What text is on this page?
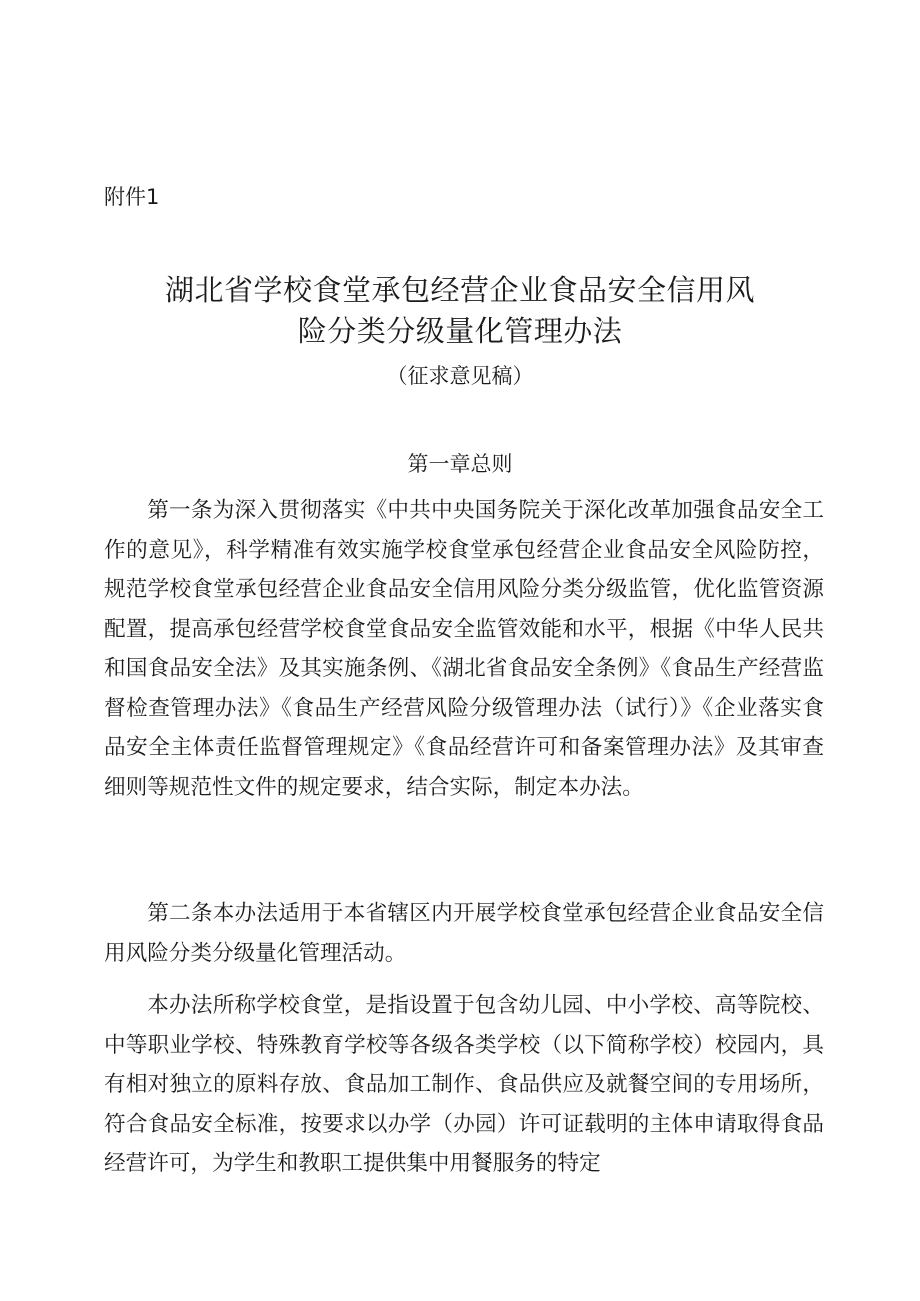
附件1
湖北省学校食堂承包经营企业食品安全信用风
险分类分级量化管理办法
（征求意见稿）
第一章总则
第一条为深入贯彻落实《中共中央国务院关于深化改革加强食品安全工作的意见》，科学精准有效实施学校食堂承包经营企业食品安全风险防控，规范学校食堂承包经营企业食品安全信用风险分类分级监管，优化监管资源配置，提高承包经营学校食堂食品安全监管效能和水平，根据《中华人民共和国食品安全法》及其实施条例、《湖北省食品安全条例》《食品生产经营监督检查管理办法》《食品生产经营风险分级管理办法（试行）》《企业落实食品安全主体责任监督管理规定》《食品经营许可和备案管理办法》及其审查细则等规范性文件的规定要求，结合实际，制定本办法。
第二条本办法适用于本省辖区内开展学校食堂承包经营企业食品安全信用风险分类分级量化管理活动。
本办法所称学校食堂，是指设置于包含幼儿园、中小学校、高等院校、中等职业学校、特殊教育学校等各级各类学校（以下简称学校）校园内，具有相对独立的原料存放、食品加工制作、食品供应及就餐空间的专用场所，符合食品安全标准，按要求以办学（办园）许可证载明的主体申请取得食品经营许可，为学生和教职工提供集中用餐服务的特定
